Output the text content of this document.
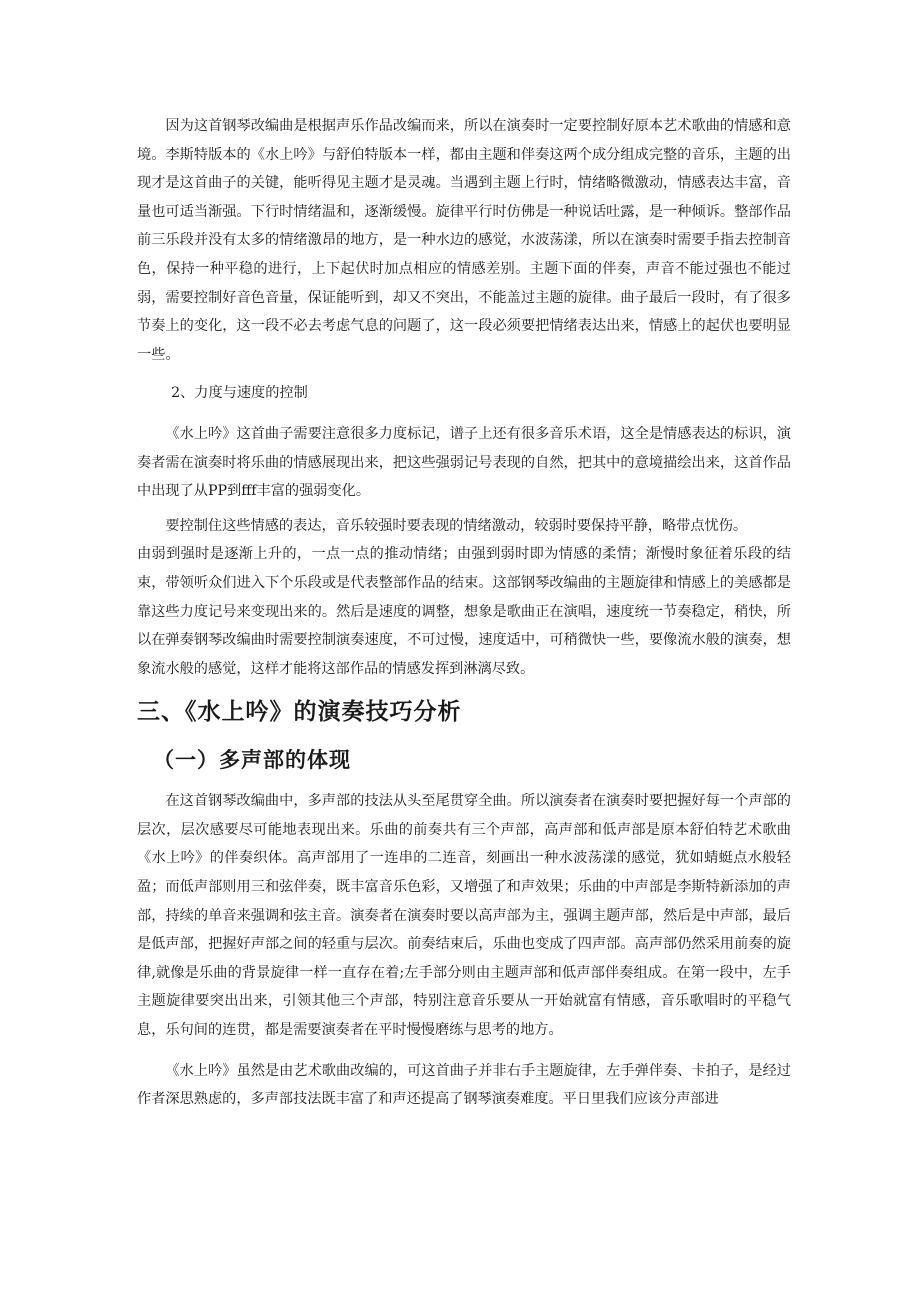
因为这首钢琴改编曲是根据声乐作品改编而来，所以在演奏时一定要控制好原本艺术歌曲的情感和意境。李斯特版本的《水上吟》与舒伯特版本一样，都由主题和伴奏这两个成分组成完整的音乐，主题的出现才是这首曲子的关键，能听得见主题才是灵魂。当遇到主题上行时，情绪略微激动，情感表达丰富，音量也可适当渐强。下行时情绪温和，逐渐缓慢。旋律平行时仿佛是一种说话吐露，是一种倾诉。整部作品前三乐段并没有太多的情绪激昂的地方，是一种水边的感觉，水波荡漾，所以在演奏时需要手指去控制音色，保持一种平稳的进行，上下起伏时加点相应的情感差别。主题下面的伴奏，声音不能过强也不能过弱，需要控制好音色音量，保证能听到，却又不突出，不能盖过主题的旋律。曲子最后一段时，有了很多节奏上的变化，这一段不必去考虑气息的问题了，这一段必须要把情绪表达出来，情感上的起伏也要明显一些。

2、力度与速度的控制

《水上吟》这首曲子需要注意很多力度标记，谱子上还有很多音乐术语，这全是情感表达的标识，演奏者需在演奏时将乐曲的情感展现出来，把这些强弱记号表现的自然，把其中的意境描绘出来，这首作品中出现了从PP到fff丰富的强弱变化。

要控制住这些情感的表达，音乐较强时要表现的情绪激动，较弱时要保持平静，略带点忧伤。

由弱到强时是逐渐上升的，一点一点的推动情绪；由强到弱时即为情感的柔情；渐慢时象征着乐段的结束，带领听众们进入下个乐段或是代表整部作品的结束。这部钢琴改编曲的主题旋律和情感上的美感都是靠这些力度记号来变现出来的。然后是速度的调整，想象是歌曲正在演唱，速度统一节奏稳定，稍快，所以在弹奏钢琴改编曲时需要控制演奏速度，不可过慢，速度适中，可稍微快一些，要像流水般的演奏，想象流水般的感觉，这样才能将这部作品的情感发挥到淋漓尽致。

三、《水上吟》的演奏技巧分析
（一）多声部的体现

在这首钢琴改编曲中，多声部的技法从头至尾贯穿全曲。所以演奏者在演奏时要把握好每一个声部的层次，层次感要尽可能地表现出来。乐曲的前奏共有三个声部，高声部和低声部是原本舒伯特艺术歌曲《水上吟》的伴奏织体。高声部用了一连串的二连音，刻画出一种水波荡漾的感觉，犹如蜻蜓点水般轻盈；而低声部则用三和弦伴奏，既丰富音乐色彩，又增强了和声效果；乐曲的中声部是李斯特新添加的声部，持续的单音来强调和弦主音。演奏者在演奏时要以高声部为主，强调主题声部，然后是中声部，最后是低声部，把握好声部之间的轻重与层次。前奏结束后，乐曲也变成了四声部。高声部仍然采用前奏的旋律,就像是乐曲的背景旋律一样一直存在着;左手部分则由主题声部和低声部伴奏组成。在第一段中，左手主题旋律要突出出来，引领其他三个声部，特别注意音乐要从一开始就富有情感，音乐歌唱时的平稳气息，乐句间的连贯，都是需要演奏者在平时慢慢磨练与思考的地方。

《水上吟》虽然是由艺术歌曲改编的，可这首曲子并非右手主题旋律，左手弹伴奏、卡拍子，是经过作者深思熟虑的，多声部技法既丰富了和声还提高了钢琴演奏难度。平日里我们应该分声部进
